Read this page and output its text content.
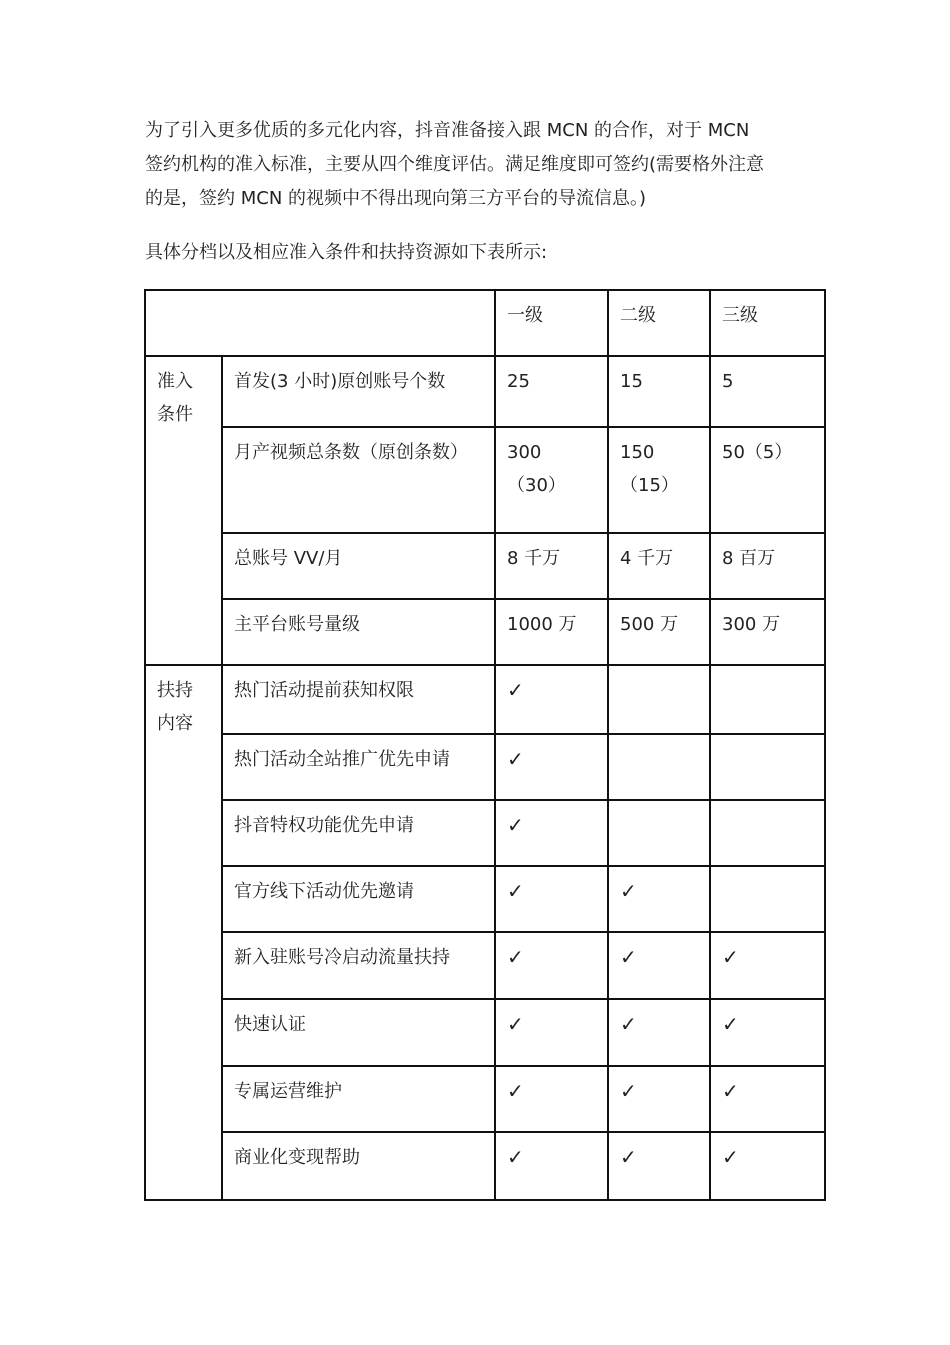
为了引入更多优质的多元化内容，抖音准备接入跟 MCN 的合作，对于 MCN
签约机构的准入标准，主要从四个维度评估。满足维度即可签约(需要格外注意
的是，签约 MCN 的视频中不得出现向第三方平台的导流信息。)

具体分档以及相应准入条件和扶持资源如下表所示:

		一级	二级	三级

准入
条件	首发(3 小时)原创账号个数	25	15	5

	月产视频总条数（原创条数）	300
（30）	150
（15）	50（5）

	总账号 VV/月	8 千万	4 千万	8 百万

	主平台账号量级	1000 万	500 万	300 万

扶持
内容	热门活动提前获知权限	✓		

	热门活动全站推广优先申请	✓		

	抖音特权功能优先申请	✓		

	官方线下活动优先邀请	✓	✓	

	新入驻账号冷启动流量扶持	✓	✓	✓

	快速认证	✓	✓	✓

	专属运营维护	✓	✓	✓

	商业化变现帮助	✓	✓	✓
